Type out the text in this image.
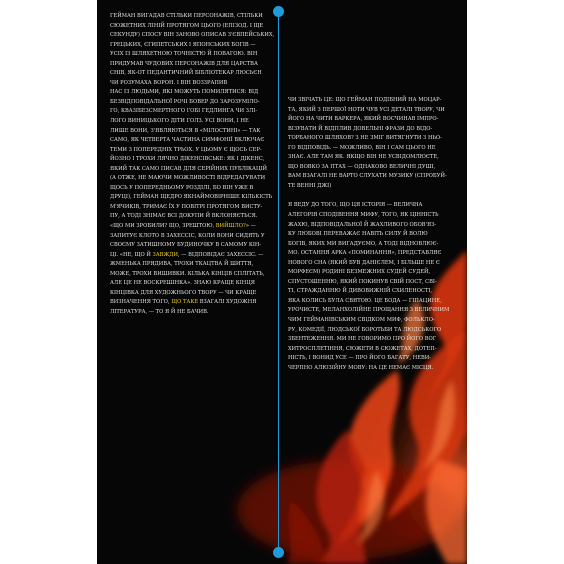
ГЕЙМАН ВИГАДАВ СТІЛЬКИ ПЕРСОНАЖІВ, СТІЛЬКИ

СЮЖЕТНИХ ЛІНІЙ ПРОТЯГОМ ЦЬОГО (ЕПІЗОД. І ЩЕ

СЕКУНДУ) СПОСУ ВІН ЗАНОВО ОПИСАВ З'ЄВПЕЙСЬКИХ,

ГРЕЦЬКИХ, ЄГИПЕТСЬКИХ І ЯПОНСЬКИХ БОГІВ —

УСІХ ІЗ ШЛЯХЕТНОЮ ТОЧНІСТЮ Й ПОВАГОЮ. ВІН

ПРИДУМАВ ЧУДОВИХ ПЕРСОНАЖІВ ДЛЯ ЦАРСТВА

СНІВ, ЯК-ОТ ПЕДАНТИЧНИЙ БІБЛІОТЕКАР ЛЮСЬЄН

ЧИ РОЗУМАХА ВОРОН. І ВІН ВОЗЗРАПИВ

НАС ІЗ ЛЮДЬМИ, ЯКІ МОЖУТЬ ПОМИЛЯТИСЯ: ВІД

БЕЗВІДПОВІДАЛЬНОЇ РОЧІ БОВЕР ДО ЗАРОЗУМІЛО-

ГО, КВАЗІБЕЗСМЕРТНОГО ГОБІ ГЕДЛИНГА ЧИ ЗЛІ-

ЛОГО ВИНИЦЬКОГО ДІТИ ГОЛЗ. УСІ ВОНИ, І НЕ

ЛИШЕ ВОНИ, З'ЯВЛЯЮТЬСЯ В «МІЛОСТИНІ» — ТАК

САМО, ЯК ЧЕТВЕРТА ЧАСТИНА СИМФОНІЇ ВКЛЮЧАЄ

ТЕМИ З ПОПЕРЕДНІХ ТРЬОХ. У ЦЬОМУ Є ЩОСЬ СЕР-

ЙОЗНО І ТРОХИ ЛЯЧНО ДІКЕНСІВСЬКЕ: ЯК І ДІКЕНС,

ЯКИЙ ТАК САМО ПИСАВ ДЛЯ СЕРІЙНИХ ПУБЛІКАЦІЙ

(А ОТЖЕ, НЕ МАЮЧИ МОЖЛИВОСТІ ВІДРЕДАГУВАТИ

ЩОСЬ У ПОПЕРЕДНЬОМУ РОЗДІЛІ, БО ВІН УЖЕ В

ДРУЦІ), ГЕЙМАН ЩЕДРО ЯКНАЙМОВІРНІШЕ КІЛЬКІСТЬ

М'ЯЧИКІВ, ТРИМАЄ ЇХ У ПОВІТРІ ПРОТЯГОМ ВИСТУ-

ПУ, А ТОДІ ЗНІМАЄ ВСІ ДОКУПИ Й ВКЛОНЯЄТЬСЯ.

«ЩО МИ ЗРОБИЛИ? ЩО, ЗРЕШТОЮ, ВИЙШЛО?» —

ЗАПИТУЄ КЛОТО В ЗАХЕССІС, КОЛИ ВОНИ СИДЯТЬ У

СВОЄМУ ЗАТИШНОМУ БУДИНОЧКУ В САМОМУ КІН-

ЦІ. «НЕ, ЩО Й ЗАВЖДИ, — ВІДПОВІДАЄ ЗАХЕССІС. —

ЖМЕНЬКА ПРЯДИВА, ТРОХИ ТКАЦТВА Й ШИТТЯ,

МОЖЕ, ТРОХИ ВИШИВКИ. КІЛЬКА КІНЦІВ СПЛІТАТЬ,

АЛЕ ЦЕ НЕ ВОСКРЕШІНКА». ЗНАЮ КРАЩЕ КІНЦЯ

КІНЦІВКА ДЛЯ ХУДОЖНЬОГО ТВОРУ — ЧИ КРАЩЕ

ВИЗНАЧЕННЯ ТОГО, ЩО ТАКЕ ВЗАГАЛІ ХУДОЖНЯ

ЛІТЕРАТУРА, — ТО Я Й НЕ БАЧИВ.

ЧИ ЗВІЧАТЬ ЦЕ: ЩО ГЕЙМАН ПОДІБНИЙ НА МОЦАР-

ТА, ЯКИЙ З ПЕРШОЇ НОТИ ЧУВ УСІ ДЕТАЛІ ТВОРУ, ЧИ

ЙОГО НА ЧИТИ ВАРКЕРА, ЯКИЙ ВОСЧИНАВ ІМПРО-

ВІЗУВАТИ Й ВІДПЛИВ ДОВЕЛЬНІ ФРАЗИ ДО ВІДО-

ТОРБАНОГО ШЛЯХОВ? З НЕ ЗМІГ ВИТЯГНУТИ З НЬО-

ГО ВІДПОВІДЬ. — МОЖЛИВО, ВІН І САМ ЦЬОГО НЕ

ЗНАЄ. АЛЕ ТАМ ЯК. ЯКЩО ВІН НЕ УСВІДОМЛЮЄТЕ,

ЩО ВОВКО ЗА ПТАХ — ОДНАКОВО ВЕЛИЧНІ ДУШІ,

ВАМ ВЗАГАЛІ НЕ ВАРТО СЛУХАТИ МУЗИКУ (СПРОБУЙ-

ТЕ ВЕННІ ДЖІ)

Я ВЕДУ ДО ТОГО, ЩО ЦЯ ІСТОРІЯ — ВЕЛИЧНА

АЛЕГОРІЯ СПОДІВЕННЯ МИФУ, ТОГО, ЯК ЦІННІСТЬ

ЖАХЮ, ВІДПОВІДАЛЬНОЇ Й ЖАХЛИВОГО ОБОВ'ЯЗ-

КУ ЛЮБОВІ ПЕРЕВАЖАЄ НАВІТЬ СИЛУ Й ВОЛЮ

БОГІВ, ЯКИХ МИ ВИГАДУЄМО, А ТОДІ ВІДНОВЛЮЄ-

МО. ОСТАННЯ АРКА «ПОМИНАННЯ», ПРЕДСТАВЛЯЄ

НОВОГО СНА (ЯКИЙ БУВ ДАНІЄЛЕМ, І БІЛЬШЕ НЕ Є

МОРФЕЄМ) РОДИНІ БЕЗМЕЖНИХ СУДЕЙ СУДЕЙ,

СПУСТОШЕННЮ, ЯКИЙ ПОКИНУВ СВІЙ ПОСТ, СВІ-

ТІ, СТРАЖДАННЮ Й ДИВОВИЖНІЙ СХИЛЕНОСТІ,

ЯКА КОЛИСЬ БУЛА СВЯТОЮ. ЦЕ БОДА — ГІПАЦИНЕ,

УРОЧИСТЕ, МЕЛАНХОЛІЙНЕ ПРОЩАННЯ З ВЕЛИЧНИМ

ЧИМ ГЕЙМАНІВСЬКИМ СВІДКОМ МИФ, ФОЛЬКЛО-

РУ, КОМЕДІЇ, ЛЮДСЬКОЇ БОРОТЬБИ ТА ЛЮДСЬКОГО

ЗБЕНТЕЖЕННЯ. МИ НЕ ГОВОРИМО ПРО ЙОГО ВОГ

ХИТРОСПЛЕТІННЯ, СЮЖЕТИ В СЮЖЕТАХ, ДОТЕП-

НІСТЬ, І ВОНИД УСЕ — ПРО ЙОГО БАГАТУ, НЕВИ-

ЧЕРПНО АЛЮЗІЙНУ МОВУ: НА ЦЕ НЕМАЄ МІСЦЯ.
